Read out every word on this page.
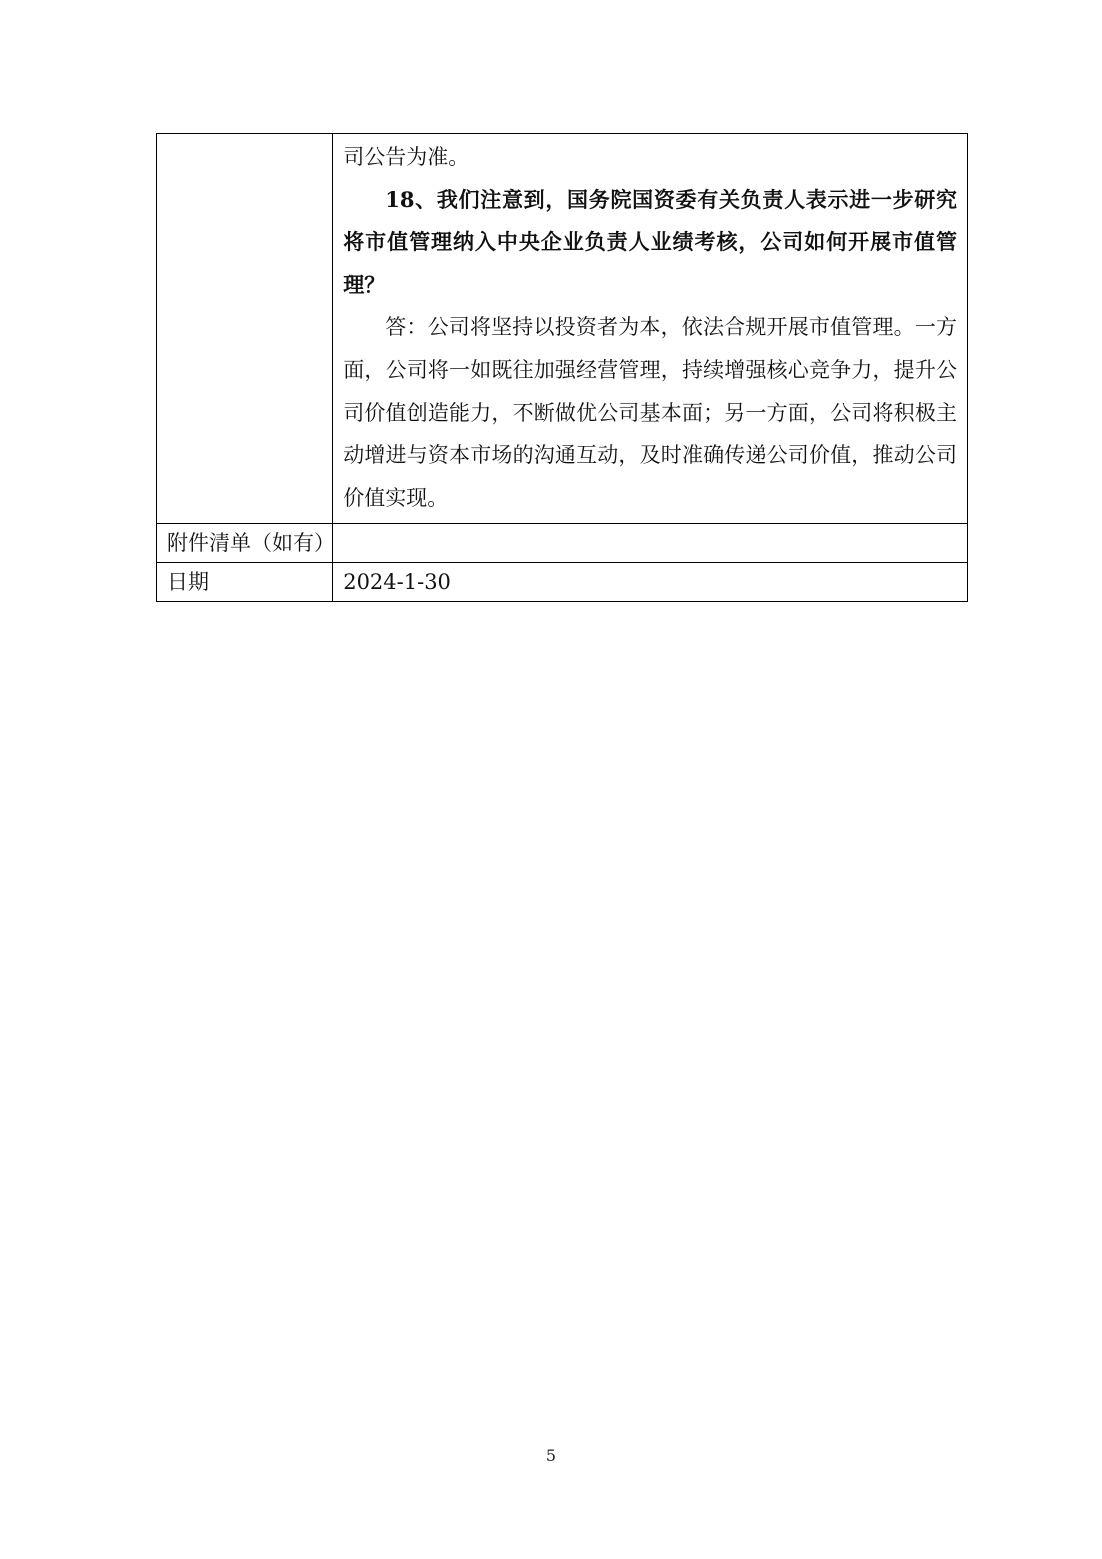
	司公告为准。

18、我们注意到，国务院国资委有关负责人表示进一步研究将市值管理纳入中央企业负责人业绩考核，公司如何开展市值管理？

答：公司将坚持以投资者为本，依法合规开展市值管理。一方面，公司将一如既往加强经营管理，持续增强核心竞争力，提升公司价值创造能力，不断做优公司基本面；另一方面，公司将积极主动增进与资本市场的沟通互动，及时准确传递公司价值，推动公司价值实现。

附件清单（如有）	
日期	2024-1-30
5
